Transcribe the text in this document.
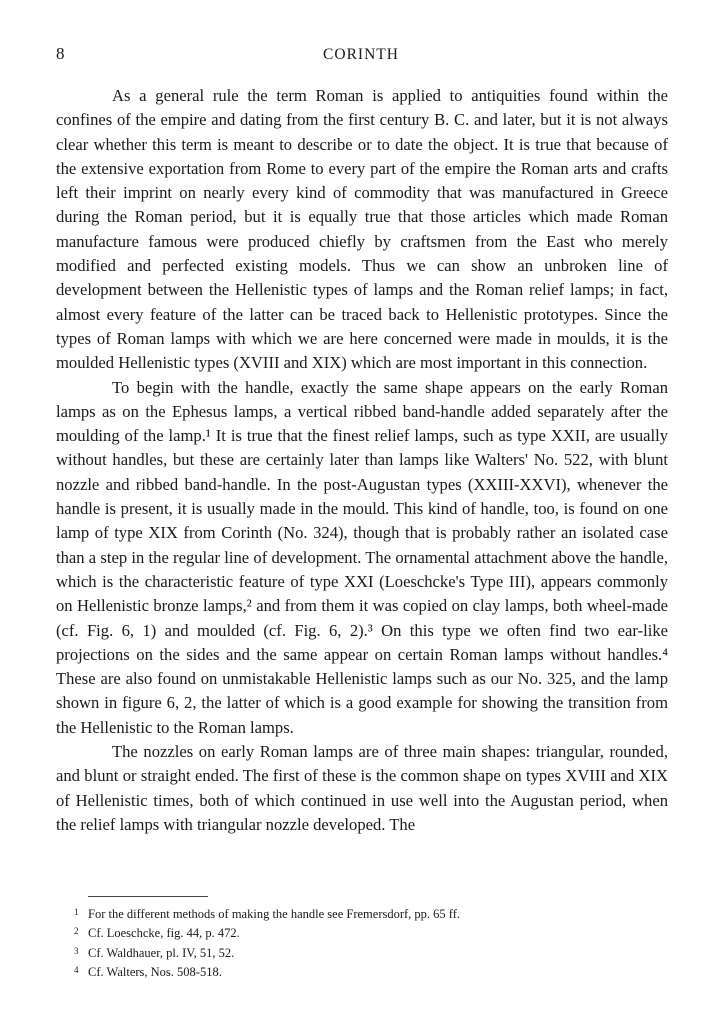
8	CORINTH

As a general rule the term Roman is applied to antiquities found within the confines of the empire and dating from the first century B. C. and later, but it is not always clear whether this term is meant to describe or to date the object. It is true that because of the extensive exportation from Rome to every part of the empire the Roman arts and crafts left their imprint on nearly every kind of commodity that was manufactured in Greece during the Roman period, but it is equally true that those articles which made Roman manufacture famous were produced chiefly by craftsmen from the East who merely modified and perfected existing models. Thus we can show an unbroken line of development between the Hellenistic types of lamps and the Roman relief lamps; in fact, almost every feature of the latter can be traced back to Hellenistic prototypes. Since the types of Roman lamps with which we are here concerned were made in moulds, it is the moulded Hellenistic types (XVIII and XIX) which are most important in this connection.

To begin with the handle, exactly the same shape appears on the early Roman lamps as on the Ephesus lamps, a vertical ribbed band-handle added separately after the moulding of the lamp.¹ It is true that the finest relief lamps, such as type XXII, are usually without handles, but these are certainly later than lamps like Walters' No. 522, with blunt nozzle and ribbed band-handle. In the post-Augustan types (XXIII-XXVI), whenever the handle is present, it is usually made in the mould. This kind of handle, too, is found on one lamp of type XIX from Corinth (No. 324), though that is probably rather an isolated case than a step in the regular line of development. The ornamental attachment above the handle, which is the characteristic feature of type XXI (Loeschcke's Type III), appears commonly on Hellenistic bronze lamps,² and from them it was copied on clay lamps, both wheel-made (cf. Fig. 6, 1) and moulded (cf. Fig. 6, 2).³ On this type we often find two ear-like projections on the sides and the same appear on certain Roman lamps without handles.⁴ These are also found on unmistakable Hellenistic lamps such as our No. 325, and the lamp shown in figure 6, 2, the latter of which is a good example for showing the transition from the Hellenistic to the Roman lamps.

The nozzles on early Roman lamps are of three main shapes: triangular, rounded, and blunt or straight ended. The first of these is the common shape on types XVIII and XIX of Hellenistic times, both of which continued in use well into the Augustan period, when the relief lamps with triangular nozzle developed. The

1 For the different methods of making the handle see Fremersdorf, pp. 65 ff.

2 Cf. Loeschcke, fig. 44, p. 472.

3 Cf. Waldhauer, pl. IV, 51, 52.

4 Cf. Walters, Nos. 508-518.
